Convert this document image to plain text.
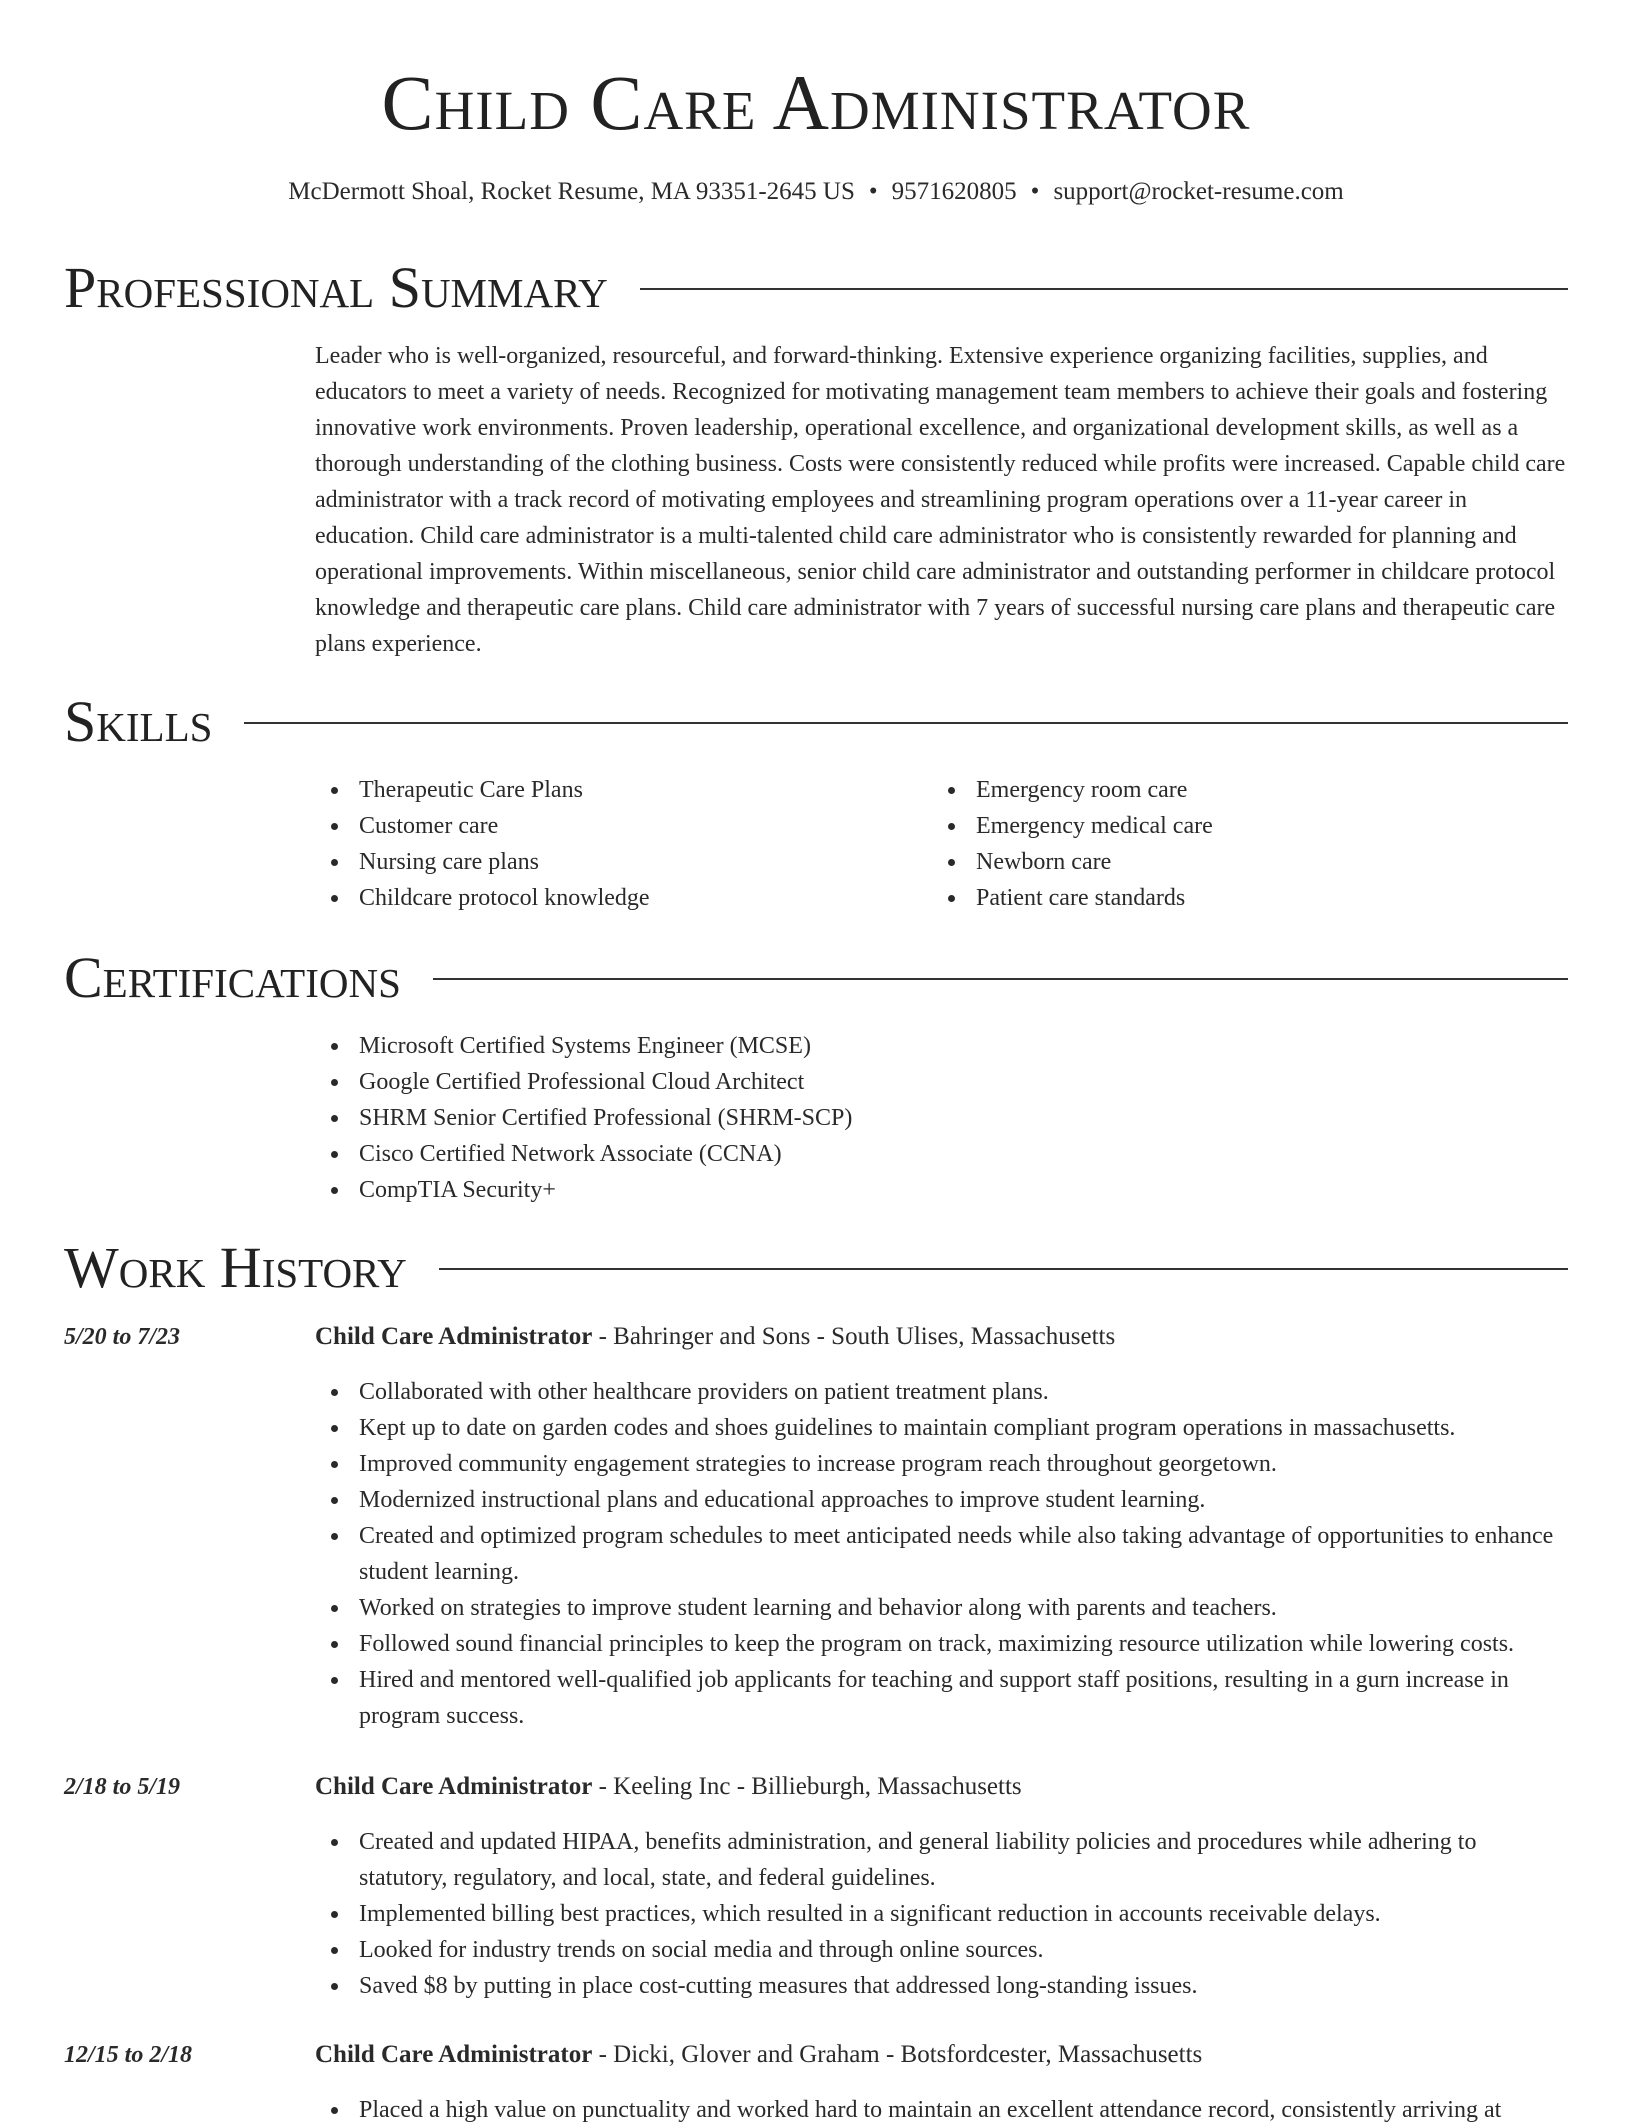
Child Care Administrator
McDermott Shoal, Rocket Resume, MA 93351-2645 US • 9571620805 • support@rocket-resume.com
Professional Summary

Leader who is well-organized, resourceful, and forward-thinking. Extensive experience organizing facilities, supplies, and educators to meet a variety of needs. Recognized for motivating management team members to achieve their goals and fostering innovative work environments. Proven leadership, operational excellence, and organizational development skills, as well as a thorough understanding of the clothing business. Costs were consistently reduced while profits were increased. Capable child care administrator with a track record of motivating employees and streamlining program operations over a 11-year career in education. Child care administrator is a multi-talented child care administrator who is consistently rewarded for planning and operational improvements. Within miscellaneous, senior child care administrator and outstanding performer in childcare protocol knowledge and therapeutic care plans. Child care administrator with 7 years of successful nursing care plans and therapeutic care plans experience.

Skills
Therapeutic Care Plans
Customer care
Nursing care plans
Childcare protocol knowledge
Emergency room care
Emergency medical care
Newborn care
Patient care standards
Certifications
Microsoft Certified Systems Engineer (MCSE)
Google Certified Professional Cloud Architect
SHRM Senior Certified Professional (SHRM-SCP)
Cisco Certified Network Associate (CCNA)
CompTIA Security+
Work History
5/20 to 7/23	Child Care Administrator - Bahringer and Sons - South Ulises, Massachusetts
Collaborated with other healthcare providers on patient treatment plans.
Kept up to date on garden codes and shoes guidelines to maintain compliant program operations in massachusetts.
Improved community engagement strategies to increase program reach throughout georgetown.
Modernized instructional plans and educational approaches to improve student learning.
Created and optimized program schedules to meet anticipated needs while also taking advantage of opportunities to enhance student learning.
Worked on strategies to improve student learning and behavior along with parents and teachers.
Followed sound financial principles to keep the program on track, maximizing resource utilization while lowering costs.
Hired and mentored well-qualified job applicants for teaching and support staff positions, resulting in a gurn increase in program success.
2/18 to 5/19	Child Care Administrator - Keeling Inc - Billieburgh, Massachusetts
Created and updated HIPAA, benefits administration, and general liability policies and procedures while adhering to statutory, regulatory, and local, state, and federal guidelines.
Implemented billing best practices, which resulted in a significant reduction in accounts receivable delays.
Looked for industry trends on social media and through online sources.
Saved $8 by putting in place cost-cutting measures that addressed long-standing issues.
12/15 to 2/18	Child Care Administrator - Dicki, Glover and Graham - Botsfordcester, Massachusetts
Placed a high value on punctuality and worked hard to maintain an excellent attendance record, consistently arriving at
